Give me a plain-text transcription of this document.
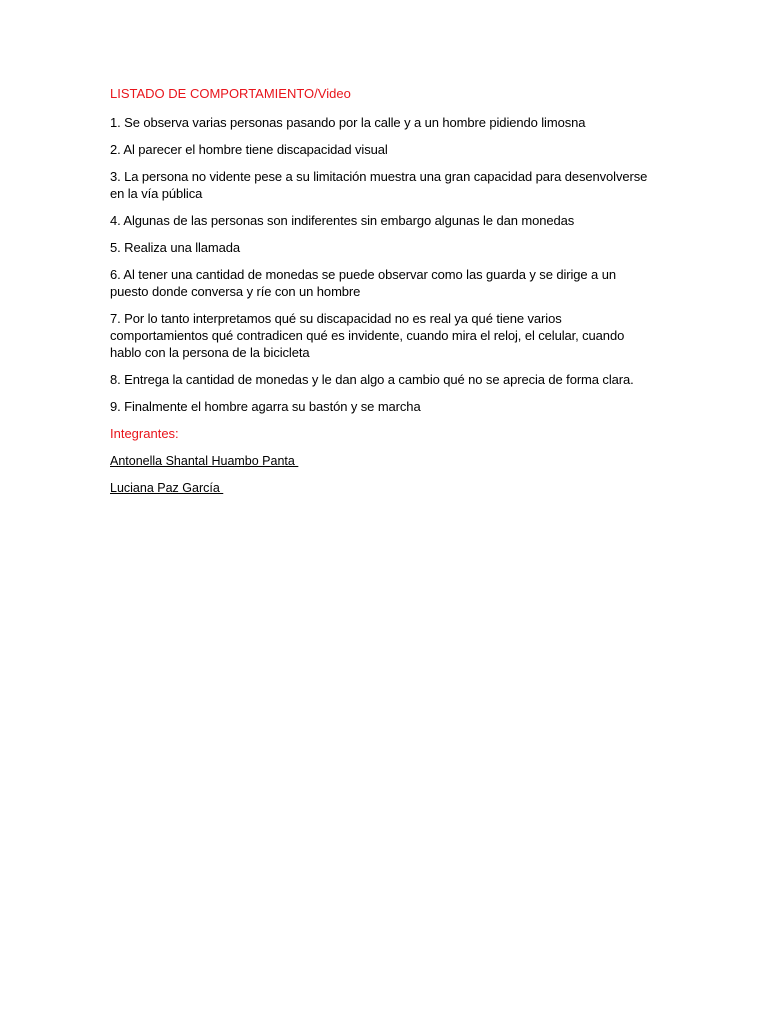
LISTADO DE COMPORTAMIENTO/Video
1. Se observa varias personas pasando por la calle y a un hombre pidiendo limosna
2. Al parecer el hombre tiene discapacidad visual
3. La persona no vidente pese a su limitación muestra una gran capacidad para desenvolverse en la vía pública
4. Algunas de las personas son indiferentes sin embargo algunas le dan monedas
5. Realiza una llamada
6. Al tener una cantidad de monedas se puede observar como las guarda y se dirige a un puesto donde conversa y ríe con un hombre
7. Por lo tanto interpretamos qué su discapacidad no es real ya qué tiene varios comportamientos qué contradicen qué es invidente, cuando mira el reloj, el celular, cuando hablo con la persona de la bicicleta
8. Entrega la cantidad de monedas y le dan algo a cambio qué no se aprecia de forma clara.
9. Finalmente el hombre agarra su bastón y se marcha
Integrantes:
Antonella Shantal Huambo Panta
Luciana Paz García
